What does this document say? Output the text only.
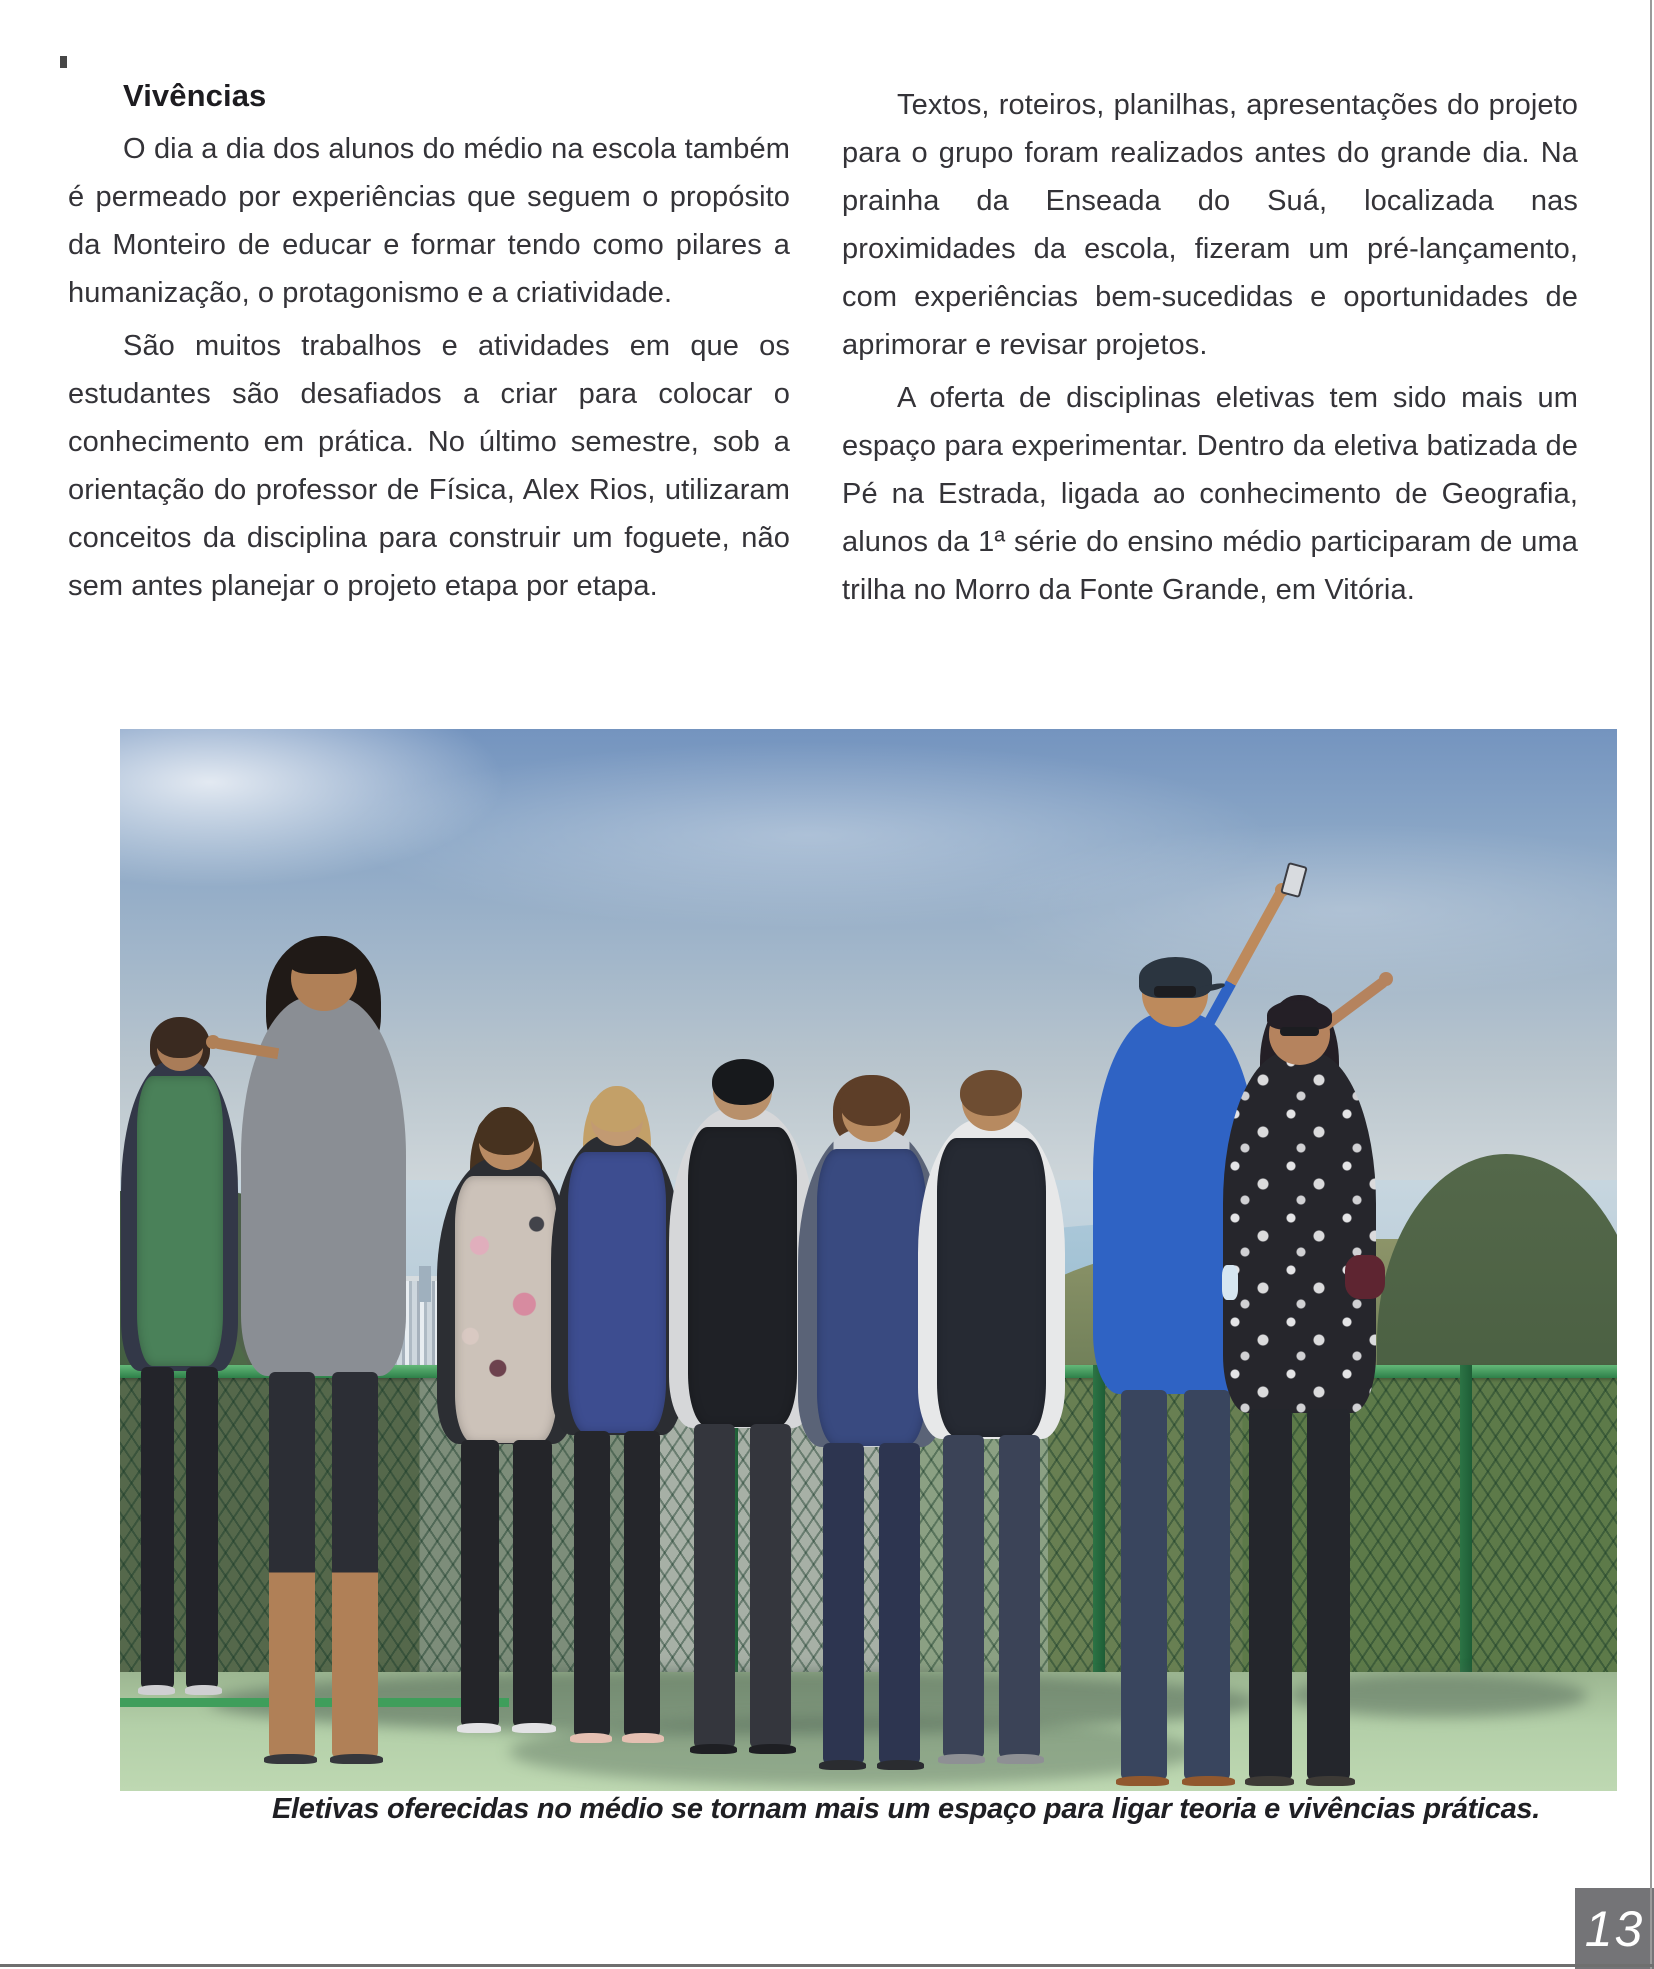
Vivências

O dia a dia dos alunos do médio na escola também é permeado por experiências que seguem o propósito da Monteiro de educar e formar tendo como pilares a humanização, o protagonismo e a criatividade.

São muitos trabalhos e atividades em que os estudantes são desafiados a criar para colocar o conhecimento em prática. No último semestre, sob a orientação do professor de Física, Alex Rios, utilizaram conceitos da disciplina para construir um foguete, não sem antes planejar o projeto etapa por etapa.

Textos, roteiros, planilhas, apresentações do projeto para o grupo foram realizados antes do grande dia. Na prainha da Enseada do Suá, localizada nas proximidades da escola, fizeram um pré-lançamento, com experiências bem-sucedidas e oportunidades de aprimorar e revisar projetos.

A oferta de disciplinas eletivas tem sido mais um espaço para experimentar. Dentro da eletiva batizada de Pé na Estrada, ligada ao conhecimento de Geografia, alunos da 1ª série do ensino médio participaram de uma trilha no Morro da Fonte Grande, em Vitória.

Eletivas oferecidas no médio se tornam mais um espaço para ligar teoria e vivências práticas.
13
